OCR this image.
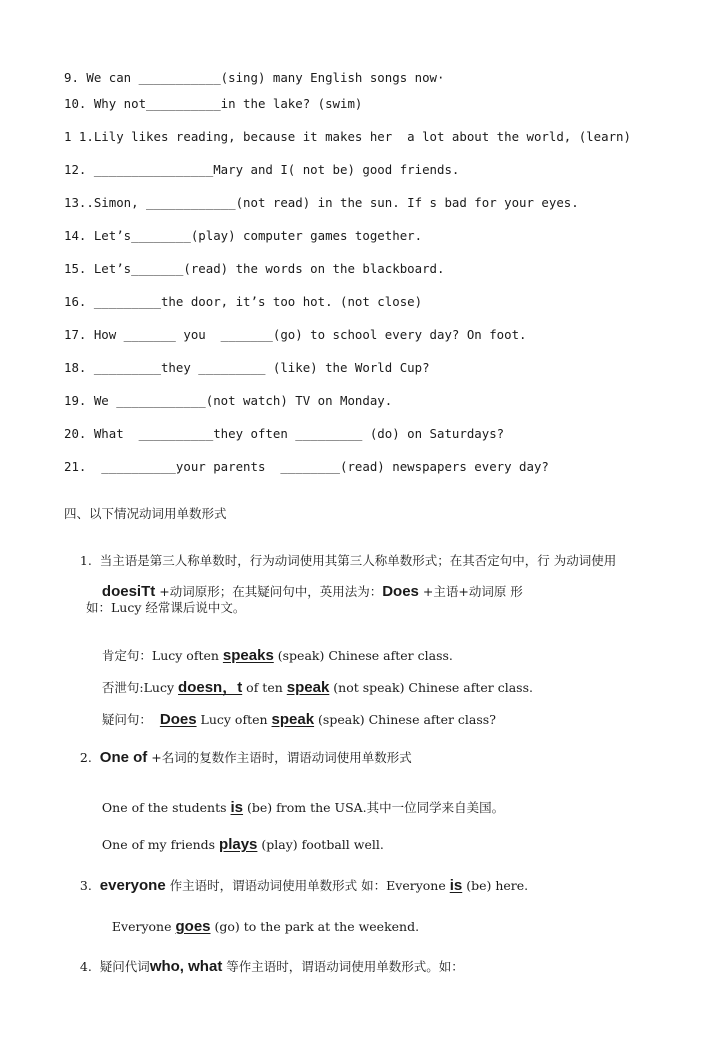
9. We can ___________(sing) many English songs now·
10. Why not__________in the lake? (swim)
1 1.Lily likes reading, because it makes her  a lot about the world, (learn)
12. ________________Mary and I( not be) good friends.
13..Simon, ____________(not read) in the sun. If s bad for your eyes.
14. Let’s________(play) computer games together.
15. Let’s_______(read) the words on the blackboard.
16. _________the door, it’s too hot. (not close)
17. How _______ you  _______(go) to school every day? On foot.
18. _________they _________ (like) the World Cup?
19. We ____________(not watch) TV on Monday.
20. What  __________they often _________ (do) on Saturdays?
21.  __________your parents  ________(read) newspapers every day?
四、以下情况动词用单数形式

1. 当主语是第三人称单数时，行为动词使用其第三人称单数形式；在其否定句中，行 为动词使用

doesiTt +动词原形；在其疑问句中，英用法为：Does +主语+动词原 形

如：Lucy 经常课后说中文。

肯定句：Lucy often speaks (speak) Chinese after class.

否泄句:Lucy doesn，t of ten speak (not speak) Chinese after class.

疑问句： Does Lucy often speak (speak) Chinese after class?

2. One of +名词的复数作主语时，谓语动词使用单数形式

One of the students is (be) from the USA.其中一位同学来自美国。

One of my friends plays (play) football well.

3. everyone 作主语时，谓语动词使用单数形式 如：Everyone is (be) here.

Everyone goes (go) to the park at the weekend.

4. 疑问代词who, what 等作主语时，谓语动词使用单数形式。如：
